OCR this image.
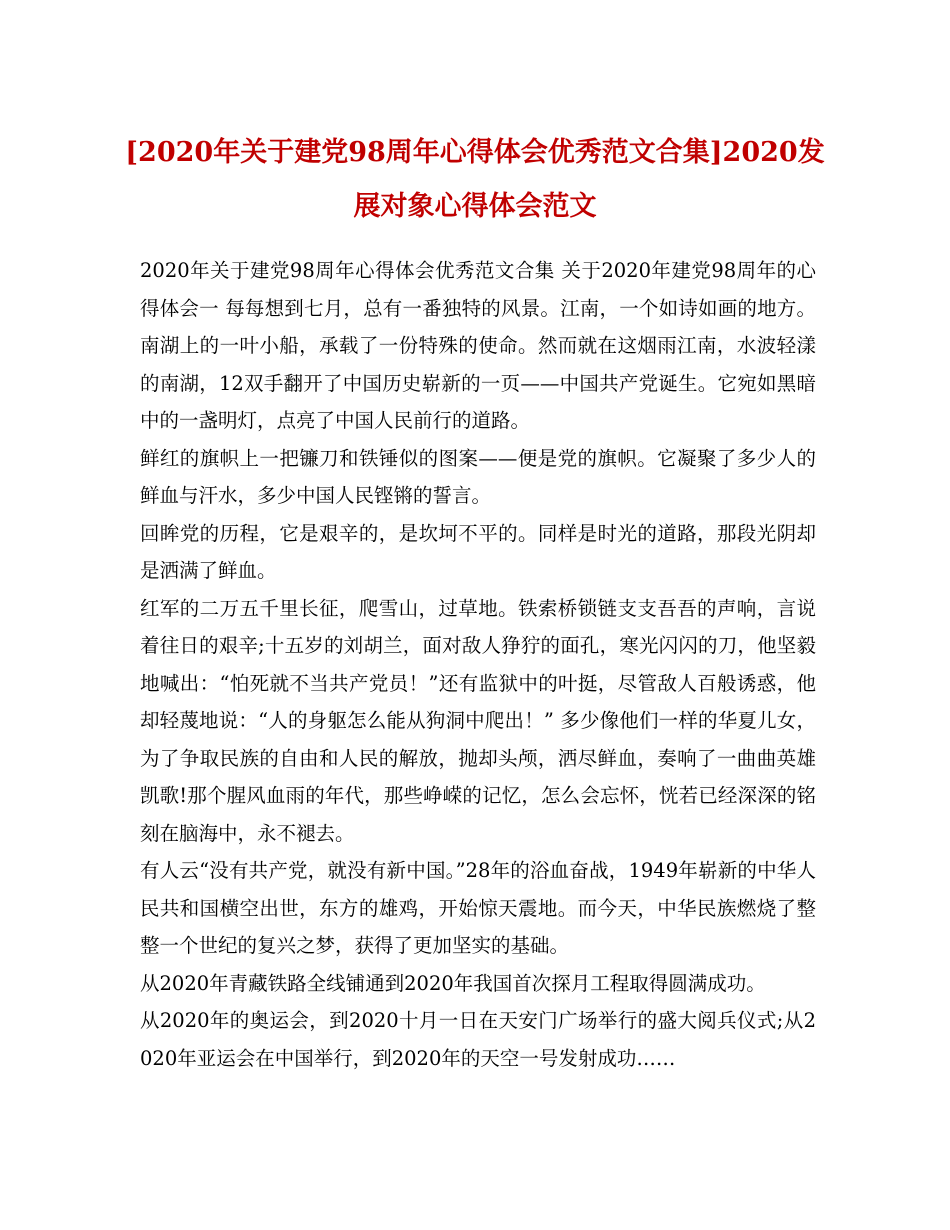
[2020年关于建党98周年心得体会优秀范文合集]2020发展对象心得体会范文

2020年关于建党98周年心得体会优秀范文合集 关于2020年建党98周年的心得体会一 每每想到七月，总有一番独特的风景。江南，一个如诗如画的地方。南湖上的一叶小船，承载了一份特殊的使命。然而就在这烟雨江南，水波轻漾的南湖，12双手翻开了中国历史崭新的一页——中国共产党诞生。它宛如黑暗中的一盏明灯，点亮了中国人民前行的道路。

鲜红的旗帜上一把镰刀和铁锤似的图案——便是党的旗帜。它凝聚了多少人的鲜血与汗水，多少中国人民铿锵的誓言。

回眸党的历程，它是艰辛的，是坎坷不平的。同样是时光的道路，那段光阴却是洒满了鲜血。

红军的二万五千里长征，爬雪山，过草地。铁索桥锁链支支吾吾的声响，言说着往日的艰辛;十五岁的刘胡兰，面对敌人狰狞的面孔，寒光闪闪的刀，他坚毅地喊出：“怕死就不当共产党员！”还有监狱中的叶挺，尽管敌人百般诱惑，他却轻蔑地说：“人的身躯怎么能从狗洞中爬出！” 多少像他们一样的华夏儿女，为了争取民族的自由和人民的解放，抛却头颅，洒尽鲜血，奏响了一曲曲英雄凯歌!那个腥风血雨的年代，那些峥嵘的记忆，怎么会忘怀，恍若已经深深的铭刻在脑海中，永不褪去。

有人云“没有共产党，就没有新中国。”28年的浴血奋战，1949年崭新的中华人民共和国横空出世，东方的雄鸡，开始惊天震地。而今天，中华民族燃烧了整整一个世纪的复兴之梦，获得了更加坚实的基础。

从2020年青藏铁路全线铺通到2020年我国首次探月工程取得圆满成功。

从2020年的奥运会，到2020十月一日在天安门广场举行的盛大阅兵仪式;从2020年亚运会在中国举行，到2020年的天空一号发射成功……
